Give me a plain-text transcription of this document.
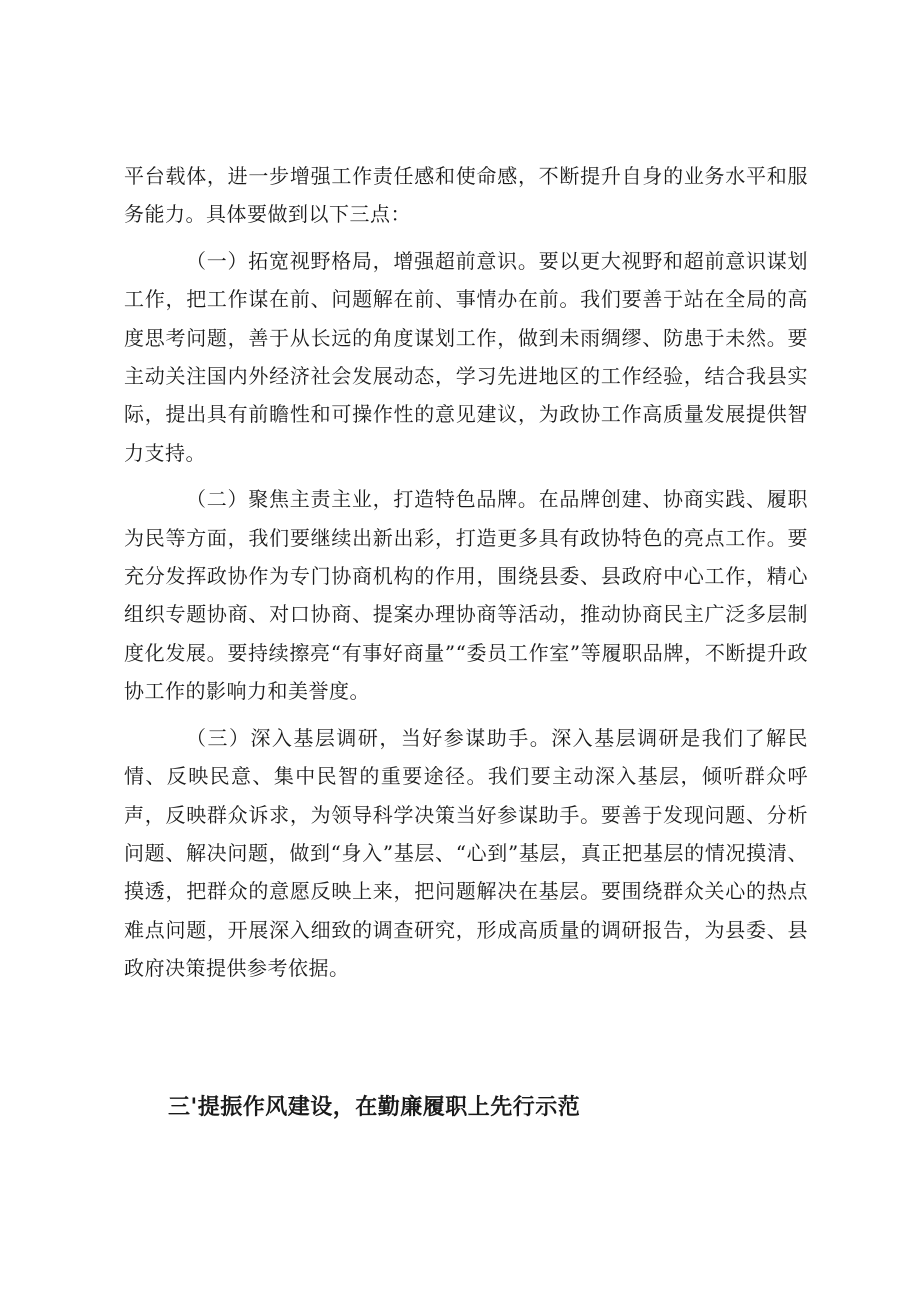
平台载体，进一步增强工作责任感和使命感，不断提升自身的业务水平和服务能力。具体要做到以下三点：

（一）拓宽视野格局，增强超前意识。要以更大视野和超前意识谋划工作，把工作谋在前、问题解在前、事情办在前。我们要善于站在全局的高度思考问题，善于从长远的角度谋划工作，做到未雨绸缪、防患于未然。要主动关注国内外经济社会发展动态，学习先进地区的工作经验，结合我县实际，提出具有前瞻性和可操作性的意见建议，为政协工作高质量发展提供智力支持。

（二）聚焦主责主业，打造特色品牌。在品牌创建、协商实践、履职为民等方面，我们要继续出新出彩，打造更多具有政协特色的亮点工作。要充分发挥政协作为专门协商机构的作用，围绕县委、县政府中心工作，精心组织专题协商、对口协商、提案办理协商等活动，推动协商民主广泛多层制度化发展。要持续擦亮“有事好商量”“委员工作室”等履职品牌，不断提升政协工作的影响力和美誉度。

（三）深入基层调研，当好参谋助手。深入基层调研是我们了解民情、反映民意、集中民智的重要途径。我们要主动深入基层，倾听群众呼声，反映群众诉求，为领导科学决策当好参谋助手。要善于发现问题、分析问题、解决问题，做到“身入”基层、“心到”基层，真正把基层的情况摸清、摸透，把群众的意愿反映上来，把问题解决在基层。要围绕群众关心的热点难点问题，开展深入细致的调查研究，形成高质量的调研报告，为县委、县政府决策提供参考依据。

三'提振作风建设，在勤廉履职上先行示范
